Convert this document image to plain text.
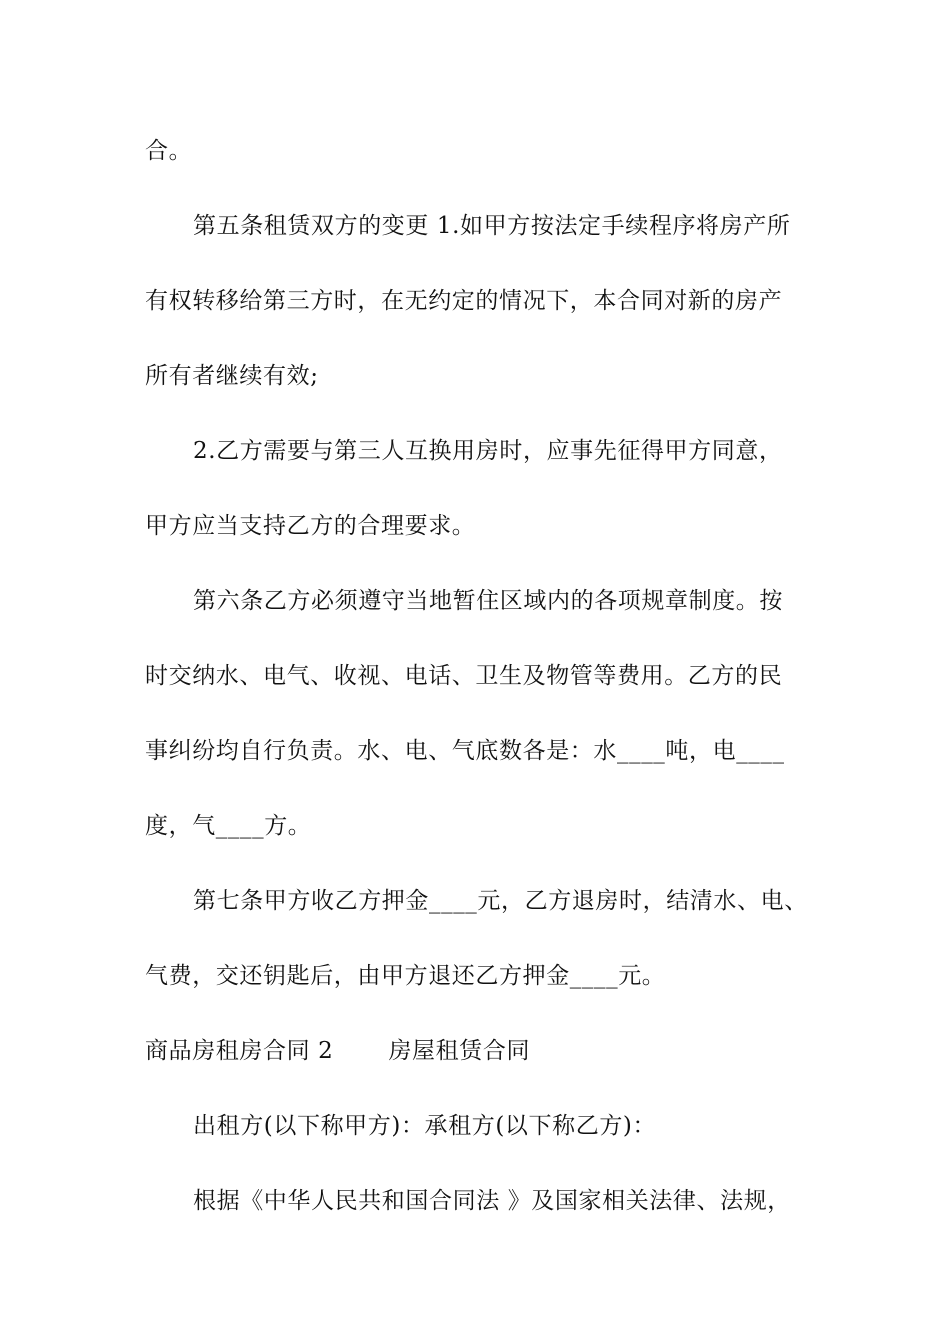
合。
第五条租赁双方的变更 1.如甲方按法定手续程序将房产所
有权转移给第三方时，在无约定的情况下，本合同对新的房产
所有者继续有效;
2.乙方需要与第三人互换用房时，应事先征得甲方同意，
甲方应当支持乙方的合理要求。
第六条乙方必须遵守当地暂住区域内的各项规章制度。按
时交纳水、电气、收视、电话、卫生及物管等费用。乙方的民
事纠纷均自行负责。水、电、气底数各是：水____吨，电____
度，气____方。
第七条甲方收乙方押金____元，乙方退房时，结清水、电、
气费，交还钥匙后，由甲方退还乙方押金____元。
商品房租房合同 2　　 房屋租赁合同
出租方(以下称甲方)：承租方(以下称乙方)：
根据《中华人民共和国合同法 》及国家相关法律、法规，
